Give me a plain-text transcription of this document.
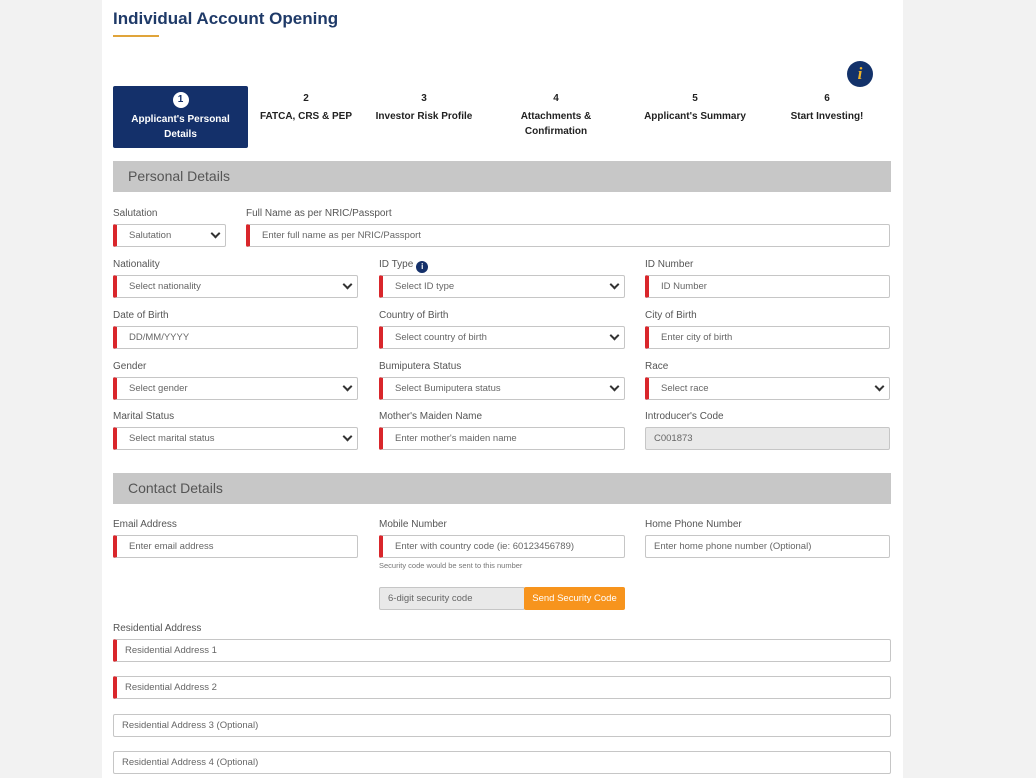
Individual Account Opening
i
1
Applicant's Personal Details
2
FATCA, CRS & PEP
3
Investor Risk Profile
4
Attachments & Confirmation
5
Applicant's Summary
6
Start Investing!
Personal Details
Salutation
Salutation
Full Name as per NRIC/Passport
Enter full name as per NRIC/Passport
Nationality
Select nationality
ID Type i
Select ID type
ID Number
ID Number
Date of Birth
DD/MM/YYYY
Country of Birth
Select country of birth
City of Birth
Enter city of birth
Gender
Select gender
Bumiputera Status
Select Bumiputera status
Race
Select race
Marital Status
Select marital status
Mother's Maiden Name
Enter mother's maiden name
Introducer's Code
C001873
Contact Details
Email Address
Enter email address
Mobile Number
Enter with country code (ie: 60123456789)
Security code would be sent to this number
Home Phone Number
Enter home phone number (Optional)
6-digit security code	Send Security Code
Residential Address
Residential Address 1
Residential Address 2
Residential Address 3 (Optional)
Residential Address 4 (Optional)
